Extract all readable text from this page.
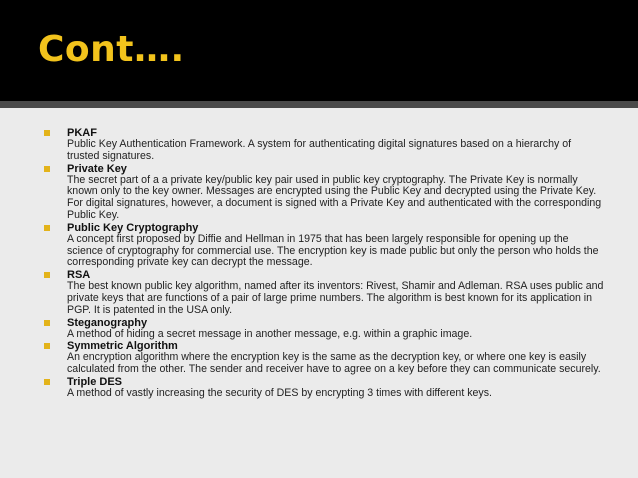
Cont….
PKAF
Public Key Authentication Framework. A system for authenticating digital signatures based on a hierarchy of trusted signatures.
Private Key
The secret part of a a private key/public key pair used in public key cryptography. The Private Key is normally known only to the key owner. Messages are encrypted using the Public Key and decrypted using the Private Key. For digital signatures, however, a document is signed with a Private Key and authenticated with the corresponding Public Key.
Public Key Cryptography
A concept first proposed by Diffie and Hellman in 1975 that has been largely responsible for opening up the science of cryptography for commercial use. The encryption key is made public but only the person who holds the corresponding private key can decrypt the message.
RSA
The best known public key algorithm, named after its inventors: Rivest, Shamir and Adleman. RSA uses public and private keys that are functions of a pair of large prime numbers. The algorithm is best known for its application in PGP. It is patented in the USA only.
Steganography
A method of hiding a secret message in another message, e.g. within a graphic image.
Symmetric Algorithm
An encryption algorithm where the encryption key is the same as the decryption key, or where one key is easily calculated from the other. The sender and receiver have to agree on a key before they can communicate securely.
Triple DES
A method of vastly increasing the security of DES by encrypting 3 times with different keys.
